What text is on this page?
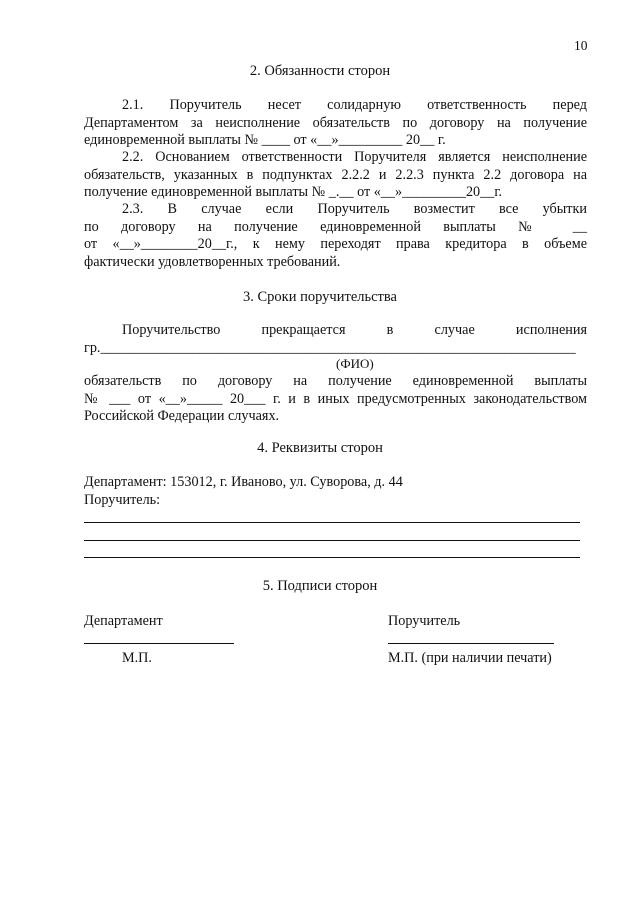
10
2. Обязанности сторон
2.1. Поручитель несет солидарную ответственность перед
Департаментом за неисполнение обязательств по договору на получение
единовременной выплаты № ____ от «__»_________ 20__ г.
2.2. Основанием ответственности Поручителя является неисполнение
обязательств, указанных в подпунктах 2.2.2 и 2.2.3 пункта 2.2 договора на
получение единовременной выплаты № _.__ от «__»_________20__г.
2.3. В случае если Поручитель возместит все убытки
по договору на получение единовременной выплаты № __
от «__»________20__г., к нему переходят права кредитора в объеме
фактически удовлетворенных требований.
3. Сроки поручительства
Поручительство прекращается в случае исполнения
гр.___________________________________________________________________
(ФИО)
обязательств по договору на получение единовременной выплаты
№ ___ от «__»_____ 20___ г. и в иных предусмотренных законодательством
Российской Федерации случаях.
4. Реквизиты сторон
Департамент: 153012, г. Иваново, ул. Суворова, д. 44
Поручитель:
5. Подписи сторон
Департамент
М.П.
Поручитель
М.П. (при наличии печати)
